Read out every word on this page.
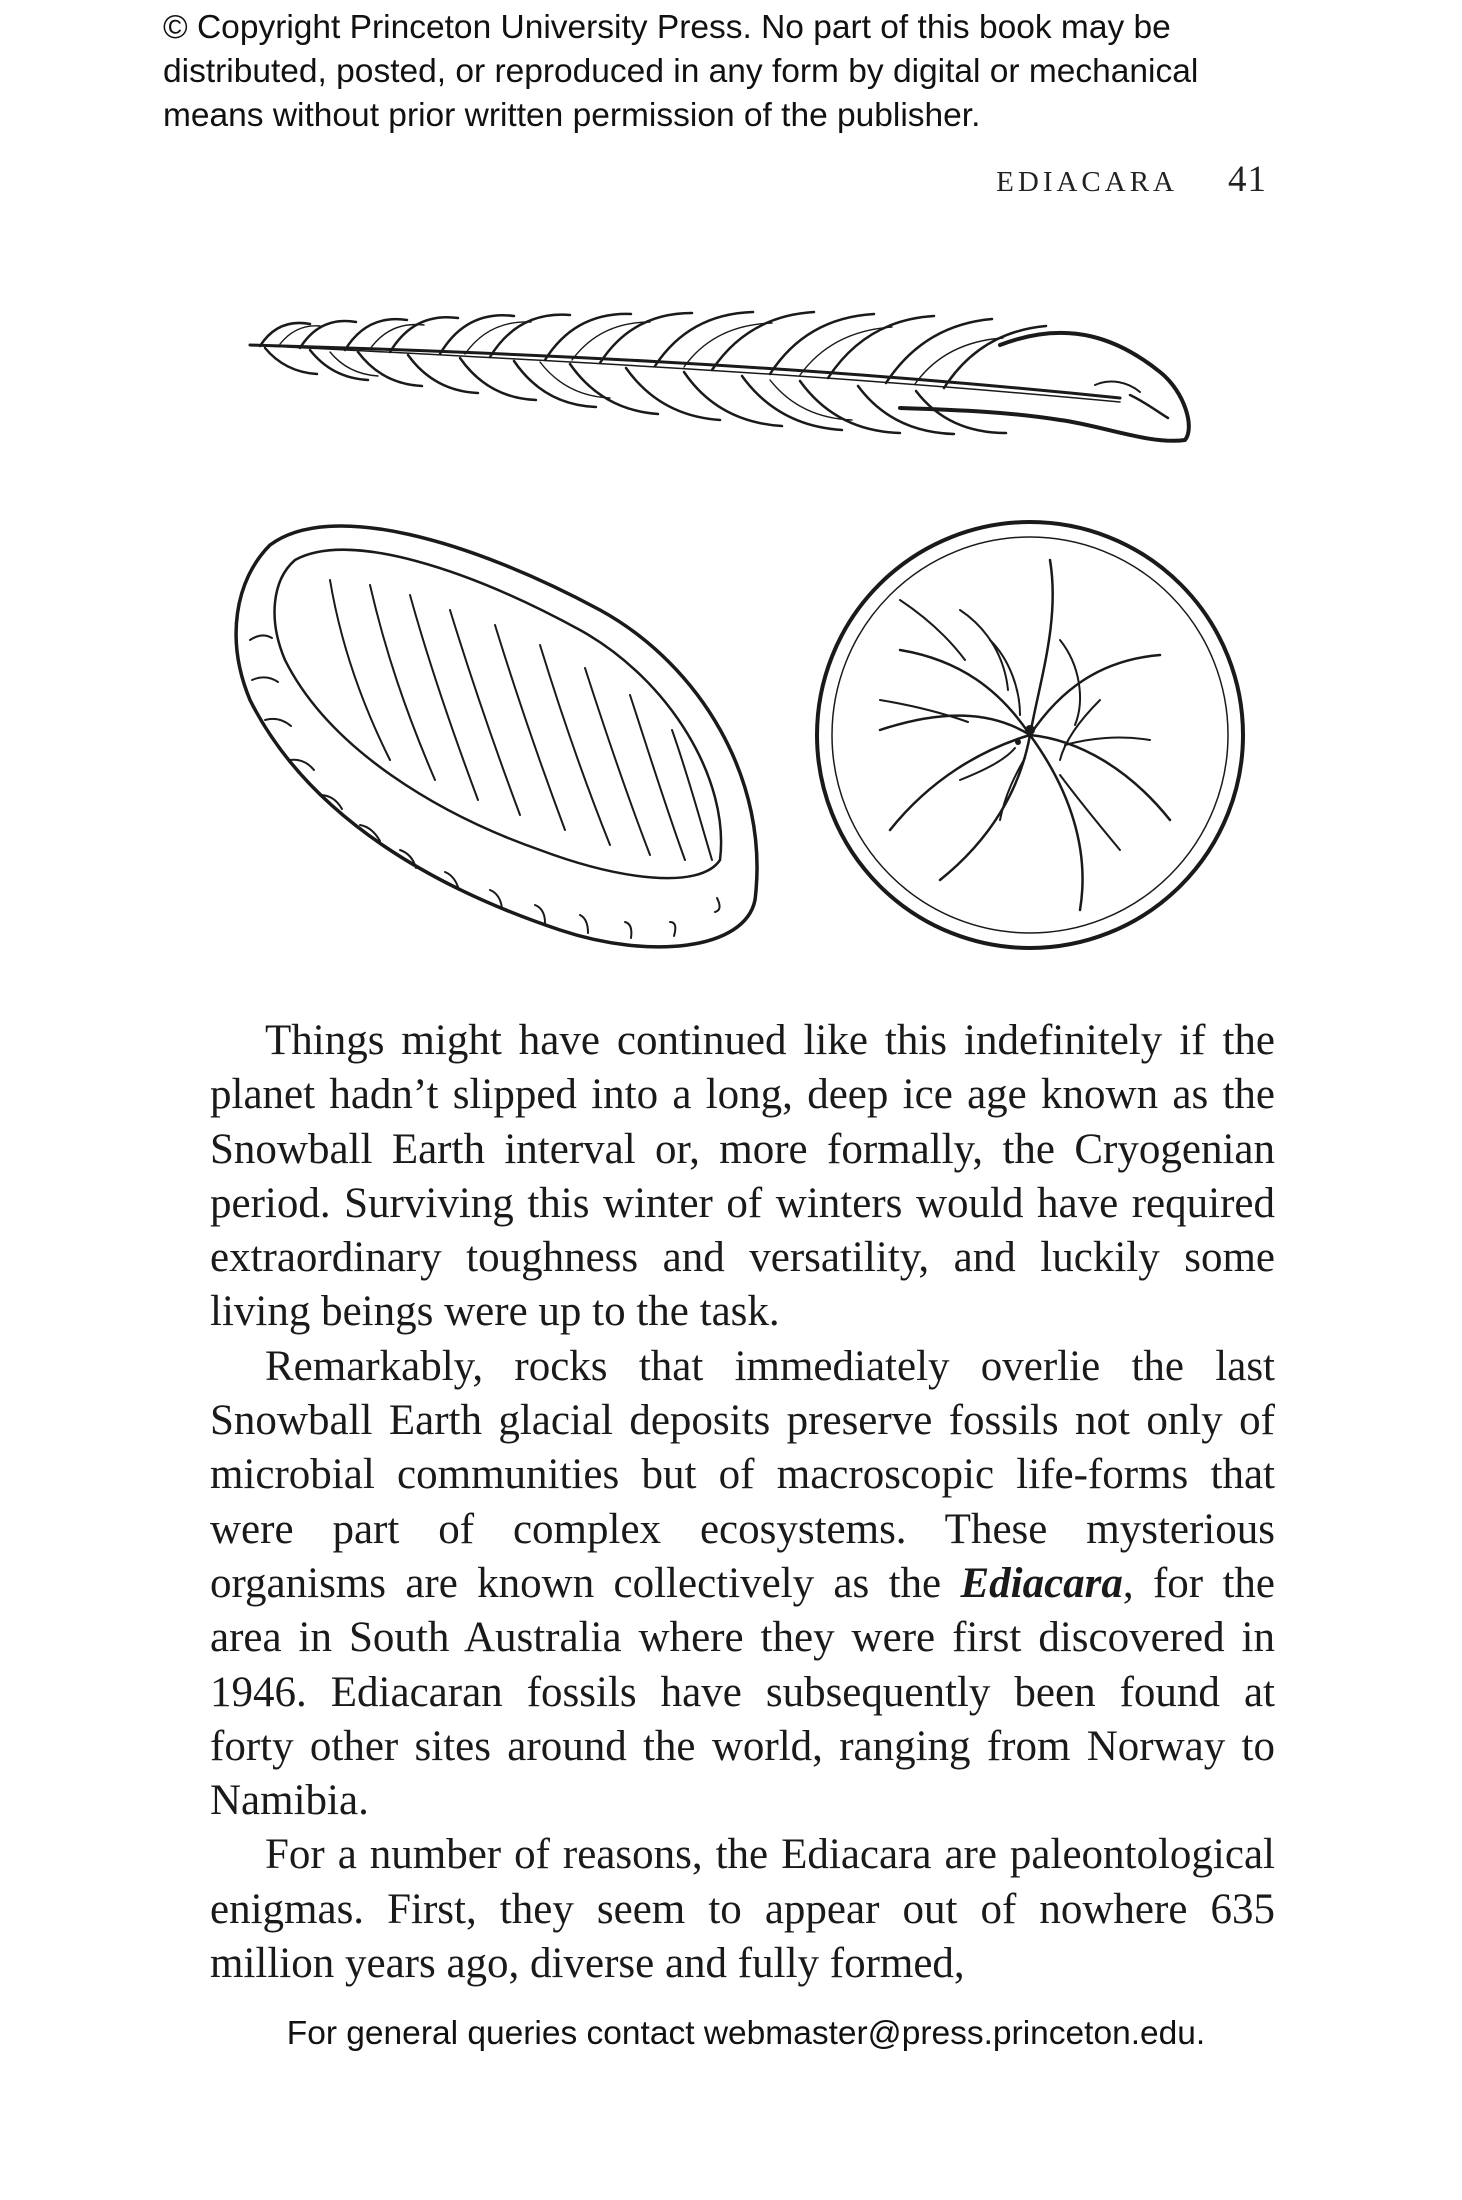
© Copyright Princeton University Press. No part of this book may be
distributed, posted, or reproduced in any form by digital or mechanical
means without prior written permission of the publisher.
EDIACARA 41

Things might have continued like this indefinitely if the planet hadn’t slipped into a long, deep ice age known as the Snowball Earth interval or, more formally, the Cryogenian period. Surviving this winter of winters would have required extraordinary toughness and versatility, and luckily some living beings were up to the task.

Remarkably, rocks that immediately overlie the last Snowball Earth glacial deposits preserve fossils not only of microbial communities but of macroscopic life-forms that were part of complex ecosystems. These mysterious organisms are known collectively as the Ediacara, for the area in South Australia where they were first discovered in 1946. Ediacaran fossils have subsequently been found at forty other sites around the world, ranging from Norway to Namibia.

For a number of reasons, the Ediacara are paleontological enigmas. First, they seem to appear out of nowhere 635 million years ago, diverse and fully formed,

For general queries contact webmaster@press.princeton.edu.
